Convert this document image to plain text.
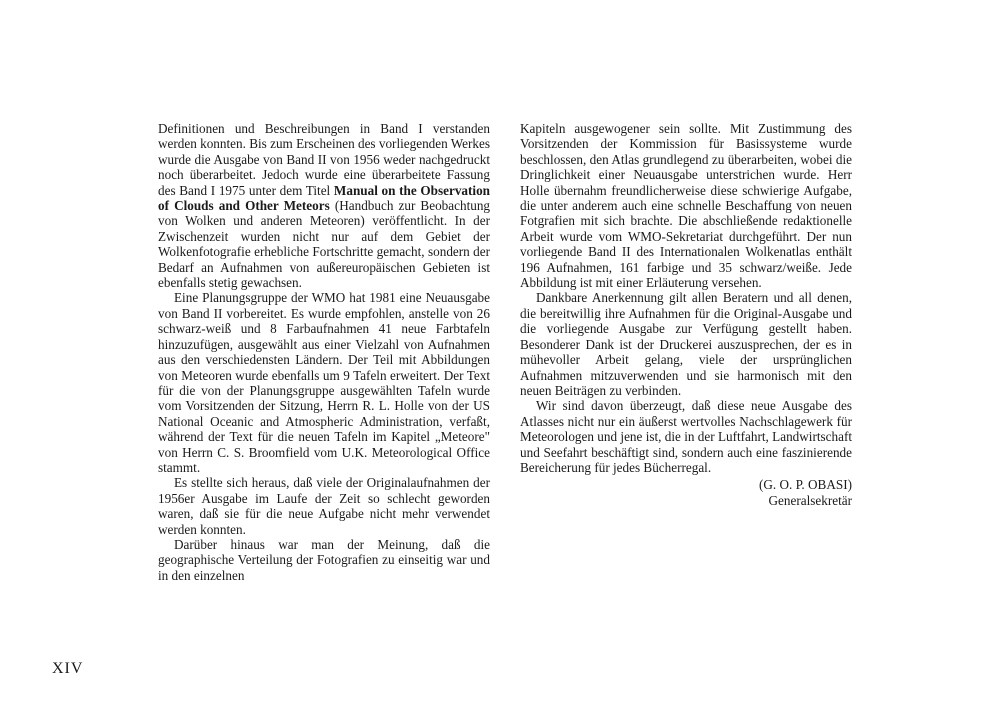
Definitionen und Beschreibungen in Band I verstanden werden konnten. Bis zum Erscheinen des vorliegenden Werkes wurde die Ausgabe von Band II von 1956 weder nachgedruckt noch überarbeitet. Jedoch wurde eine überarbeitete Fassung des Band I 1975 unter dem Titel Manual on the Observation of Clouds and Other Meteors (Handbuch zur Beobachtung von Wolken und anderen Meteoren) veröffentlicht. In der Zwischenzeit wurden nicht nur auf dem Gebiet der Wolkenfotografie erhebliche Fortschritte gemacht, sondern der Bedarf an Aufnahmen von außereuropäischen Gebieten ist ebenfalls stetig gewachsen.

Eine Planungsgruppe der WMO hat 1981 eine Neuausgabe von Band II vorbereitet. Es wurde empfohlen, anstelle von 26 schwarz-weiß und 8 Farbaufnahmen 41 neue Farbtafeln hinzuzufügen, ausgewählt aus einer Vielzahl von Aufnahmen aus den verschiedensten Ländern. Der Teil mit Abbildungen von Meteoren wurde ebenfalls um 9 Tafeln erweitert. Der Text für die von der Planungsgruppe ausgewählten Tafeln wurde vom Vorsitzenden der Sitzung, Herrn R. L. Holle von der US National Oceanic and Atmospheric Administration, verfaßt, während der Text für die neuen Tafeln im Kapitel „Meteore" von Herrn C. S. Broomfield vom U.K. Meteorological Office stammt.

Es stellte sich heraus, daß viele der Originalaufnahmen der 1956er Ausgabe im Laufe der Zeit so schlecht geworden waren, daß sie für die neue Aufgabe nicht mehr verwendet werden konnten.

Darüber hinaus war man der Meinung, daß die geographische Verteilung der Fotografien zu einseitig war und in den einzelnen

Kapiteln ausgewogener sein sollte. Mit Zustimmung des Vorsitzenden der Kommission für Basissysteme wurde beschlossen, den Atlas grundlegend zu überarbeiten, wobei die Dringlichkeit einer Neuausgabe unterstrichen wurde. Herr Holle übernahm freundlicherweise diese schwierige Aufgabe, die unter anderem auch eine schnelle Beschaffung von neuen Fotgrafien mit sich brachte. Die abschließende redaktionelle Arbeit wurde vom WMO-Sekretariat durchgeführt. Der nun vorliegende Band II des Internationalen Wolkenatlas enthält 196 Aufnahmen, 161 farbige und 35 schwarz/weiße. Jede Abbildung ist mit einer Erläuterung versehen.

Dankbare Anerkennung gilt allen Beratern und all denen, die bereitwillig ihre Aufnahmen für die Original-Ausgabe und die vorliegende Ausgabe zur Verfügung gestellt haben. Besonderer Dank ist der Druckerei auszusprechen, der es in mühevoller Arbeit gelang, viele der ursprünglichen Aufnahmen mitzuverwenden und sie harmonisch mit den neuen Beiträgen zu verbinden.

Wir sind davon überzeugt, daß diese neue Ausgabe des Atlasses nicht nur ein äußerst wertvolles Nachschlagewerk für Meteorologen und jene ist, die in der Luftfahrt, Landwirtschaft und Seefahrt beschäftigt sind, sondern auch eine faszinierende Bereicherung für jedes Bücherregal.

(G. O. P. OBASI)
Generalsekretär
XIV
